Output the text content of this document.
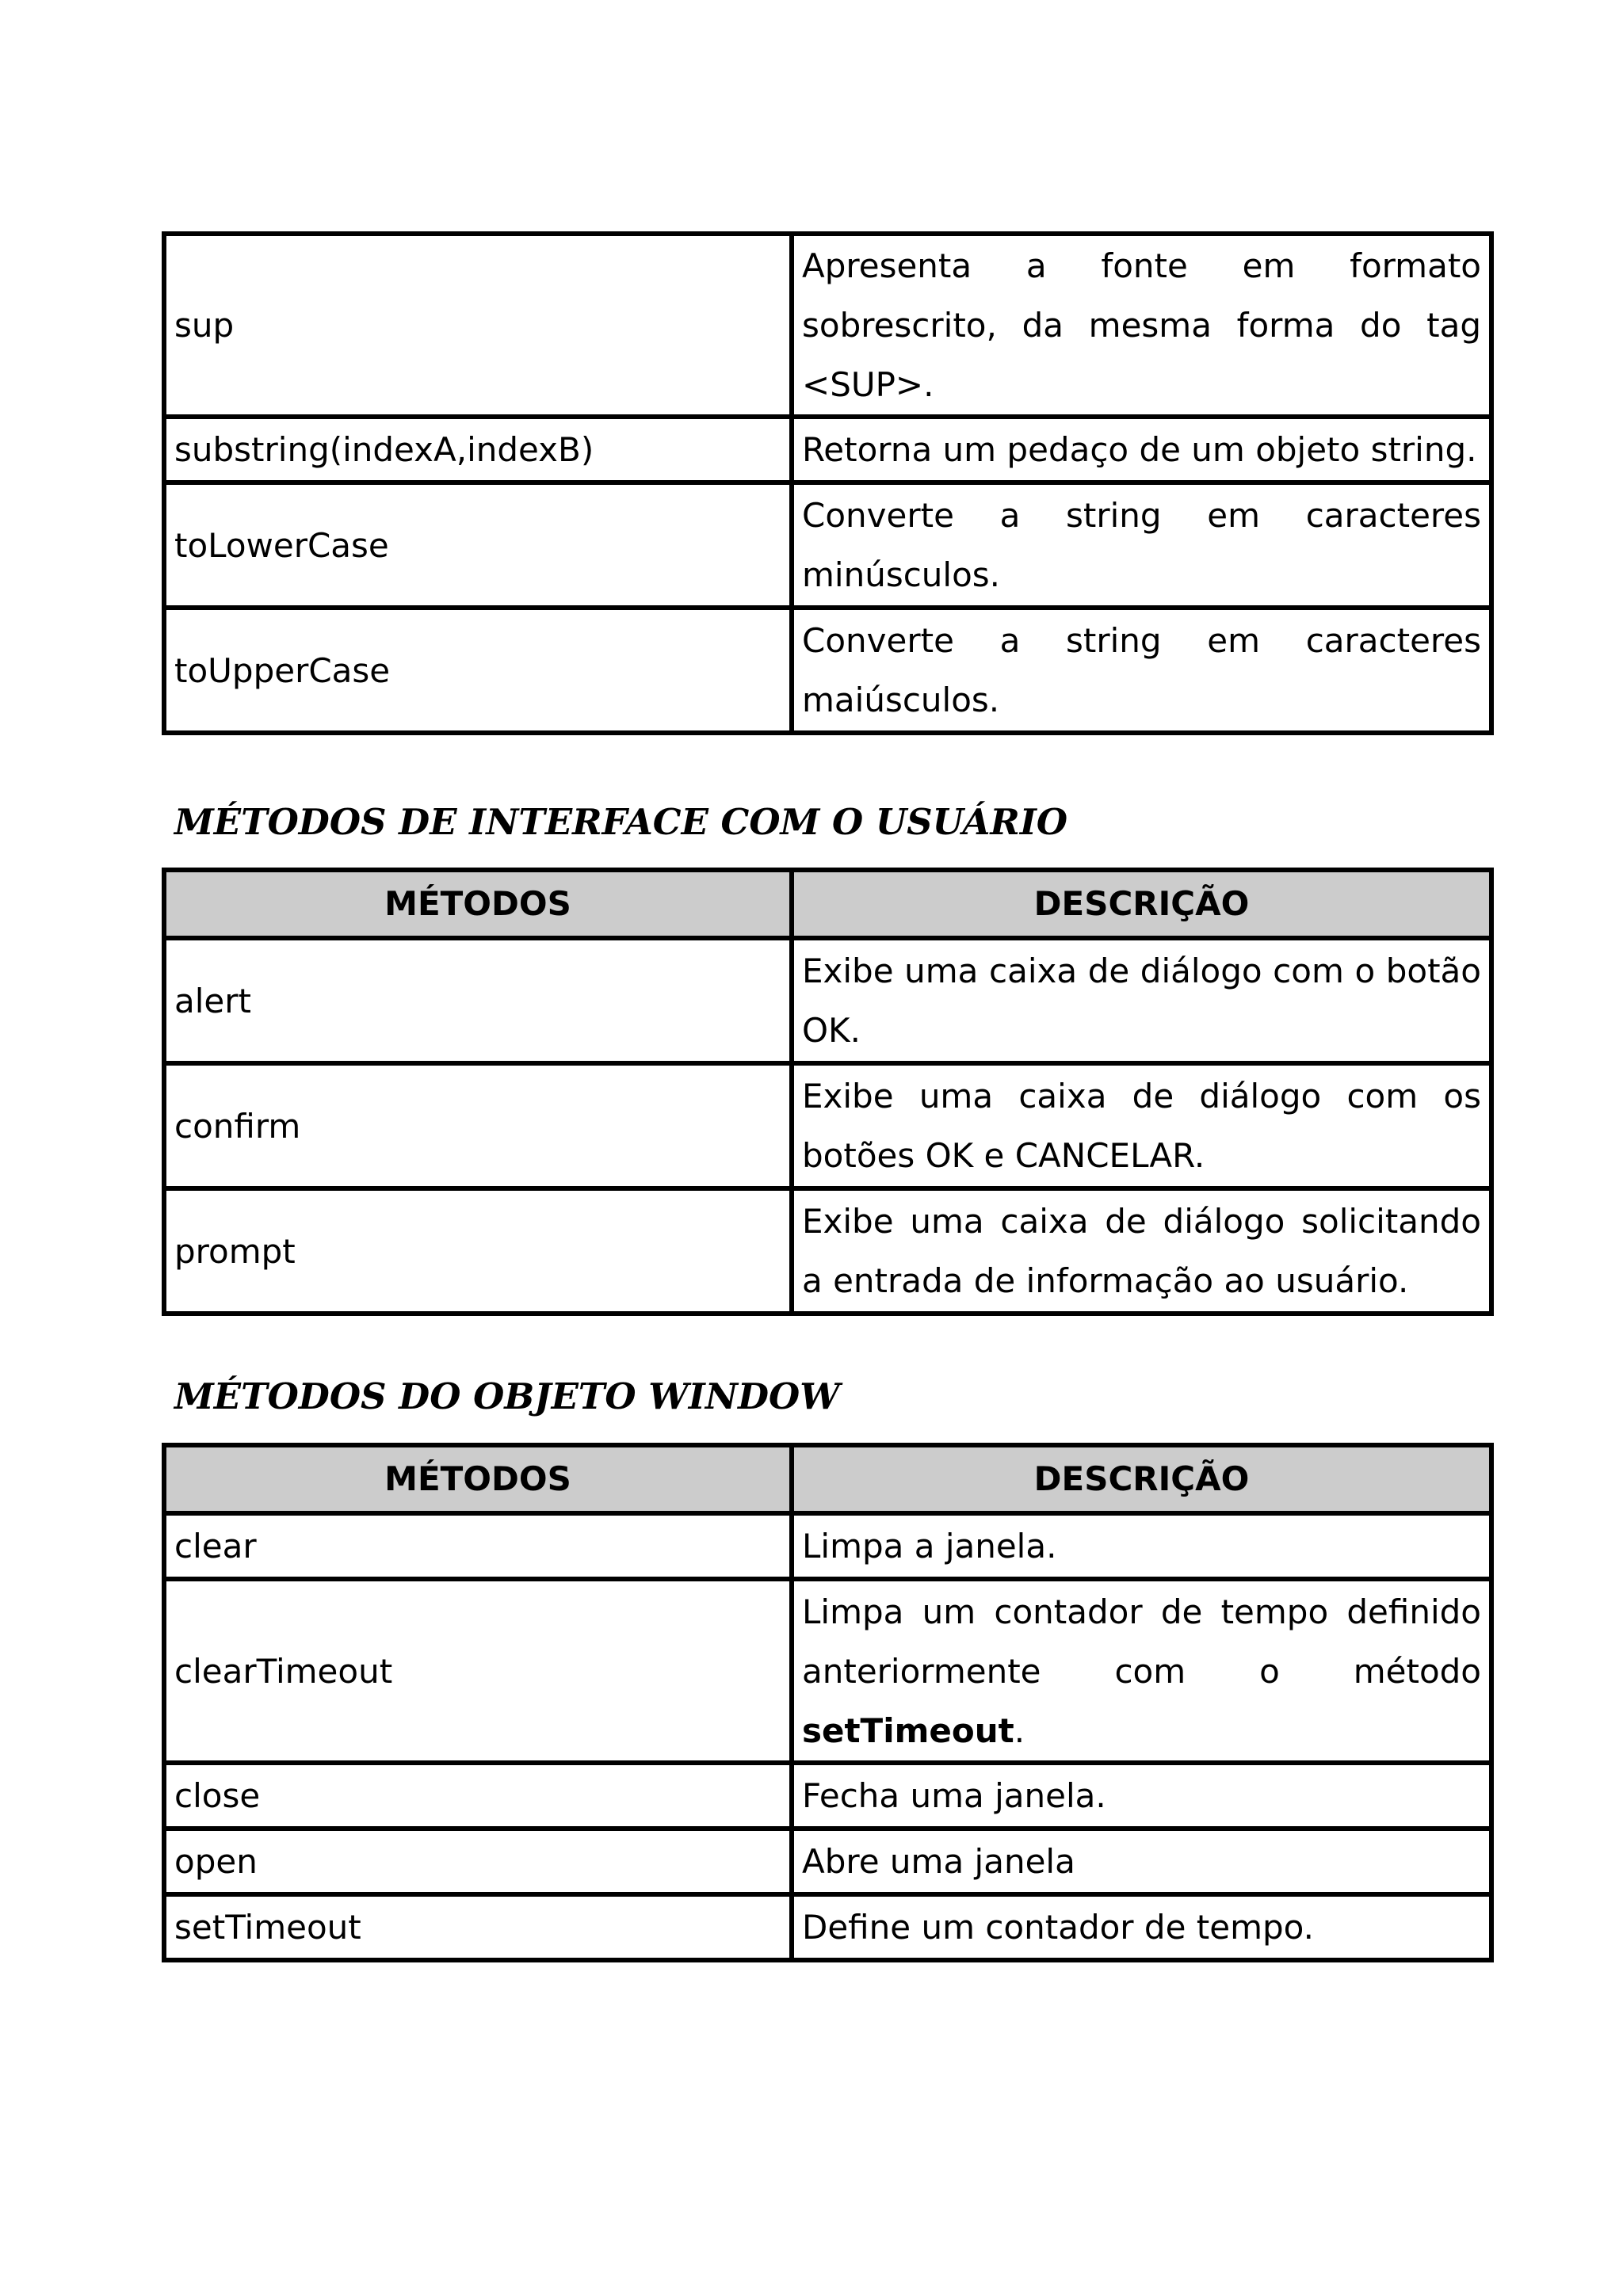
sup	Apresenta a fonte em formato sobrescrito, da mesma forma do tag <SUP>.
substring(indexA,indexB)	Retorna um pedaço de um objeto string.
toLowerCase	Converte a string em caracteres minúsculos.
toUpperCase	Converte a string em caracteres maiúsculos.
MÉTODOS DE INTERFACE COM O USUÁRIO
MÉTODOS	DESCRIÇÃO
alert	Exibe uma caixa de diálogo com o botão OK.
confirm	Exibe uma caixa de diálogo com os botões OK e CANCELAR.
prompt	Exibe uma caixa de diálogo solicitando a entrada de informação ao usuário.
MÉTODOS DO OBJETO WINDOW
MÉTODOS	DESCRIÇÃO
clear	Limpa a janela.
clearTimeout	Limpa um contador de tempo definido anteriormente com o método setTimeout.
close	Fecha uma janela.
open	Abre uma janela
setTimeout	Define um contador de tempo.
